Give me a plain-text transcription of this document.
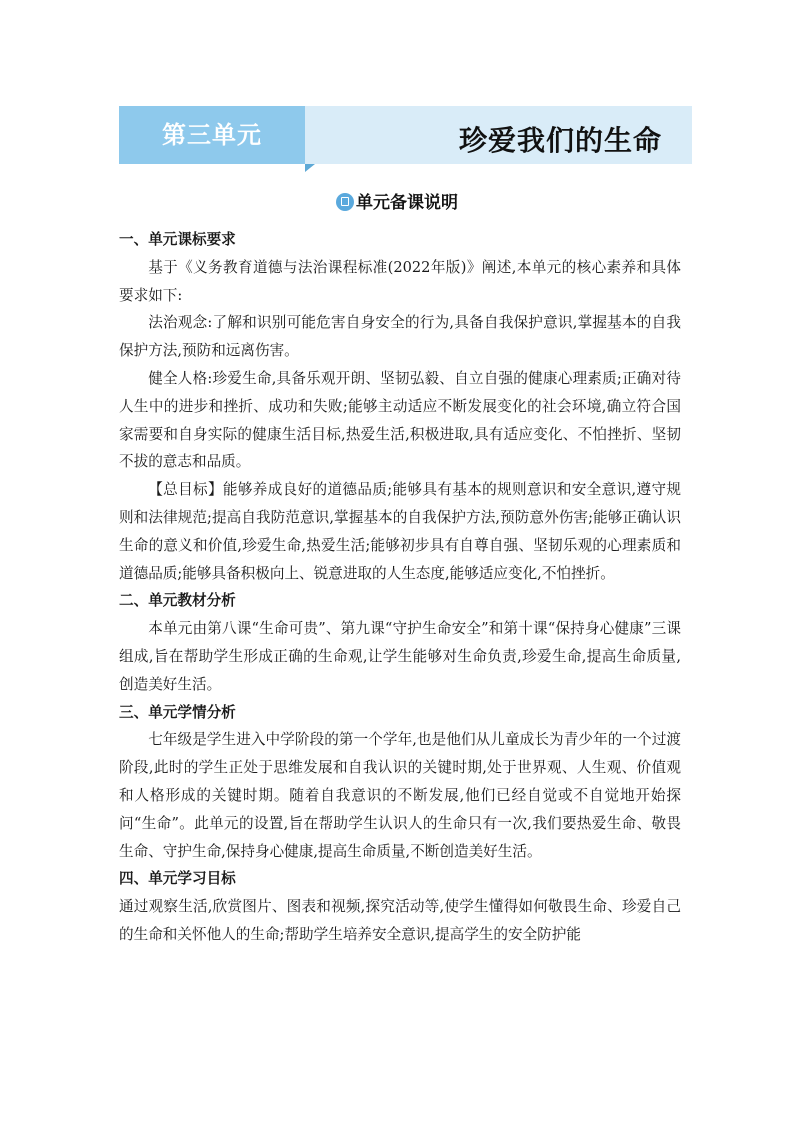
第三单元	珍爱我们的生命
单元备课说明
一、单元课标要求

基于《义务教育道德与法治课程标准(2022年版)》阐述,本单元的核心素养和具体要求如下:

法治观念:了解和识别可能危害自身安全的行为,具备自我保护意识,掌握基本的自我保护方法,预防和远离伤害。

健全人格:珍爱生命,具备乐观开朗、坚韧弘毅、自立自强的健康心理素质;正确对待人生中的进步和挫折、成功和失败;能够主动适应不断发展变化的社会环境,确立符合国家需要和自身实际的健康生活目标,热爱生活,积极进取,具有适应变化、不怕挫折、坚韧不拔的意志和品质。

【总目标】能够养成良好的道德品质;能够具有基本的规则意识和安全意识,遵守规则和法律规范;提高自我防范意识,掌握基本的自我保护方法,预防意外伤害;能够正确认识生命的意义和价值,珍爱生命,热爱生活;能够初步具有自尊自强、坚韧乐观的心理素质和道德品质;能够具备积极向上、锐意进取的人生态度,能够适应变化,不怕挫折。

二、单元教材分析

本单元由第八课“生命可贵”、第九课“守护生命安全”和第十课“保持身心健康”三课组成,旨在帮助学生形成正确的生命观,让学生能够对生命负责,珍爱生命,提高生命质量,创造美好生活。

三、单元学情分析

七年级是学生进入中学阶段的第一个学年,也是他们从儿童成长为青少年的一个过渡阶段,此时的学生正处于思维发展和自我认识的关键时期,处于世界观、人生观、价值观和人格形成的关键时期。随着自我意识的不断发展,他们已经自觉或不自觉地开始探问“生命”。此单元的设置,旨在帮助学生认识人的生命只有一次,我们要热爱生命、敬畏生命、守护生命,保持身心健康,提高生命质量,不断创造美好生活。

四、单元学习目标

通过观察生活,欣赏图片、图表和视频,探究活动等,使学生懂得如何敬畏生命、珍爱自己的生命和关怀他人的生命;帮助学生培养安全意识,提高学生的安全防护能
